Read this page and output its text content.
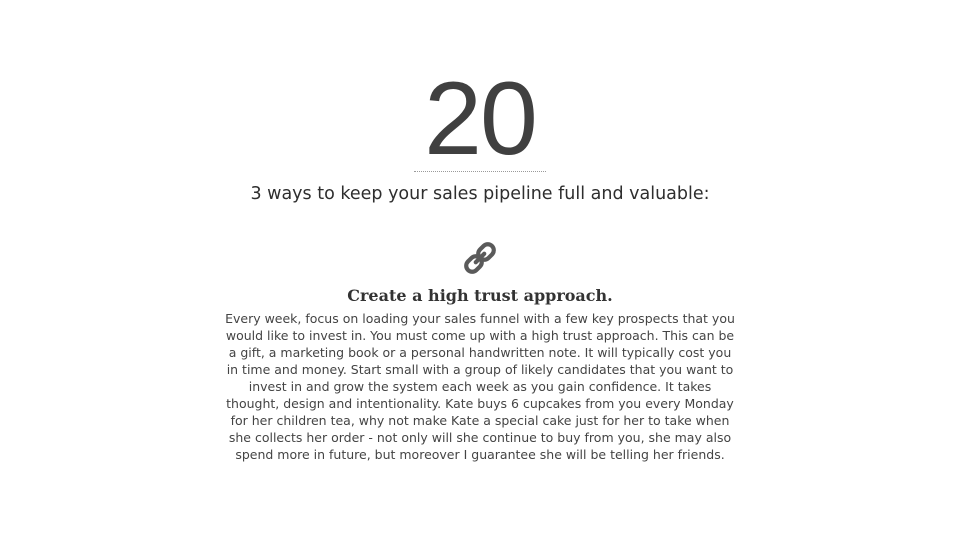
20
3 ways to keep your sales pipeline full and valuable:
Create a high trust approach.
Every week, focus on loading your sales funnel with a few key prospects that you would like to invest in. You must come up with a high trust approach. This can be a gift, a marketing book or a personal handwritten note. It will typically cost you in time and money. Start small with a group of likely candidates that you want to invest in and grow the system each week as you gain confidence. It takes thought, design and intentionality. Kate buys 6 cupcakes from you every Monday for her children tea, why not make Kate a special cake just for her to take when she collects her order - not only will she continue to buy from you, she may also spend more in future, but moreover I guarantee she will be telling her friends.
